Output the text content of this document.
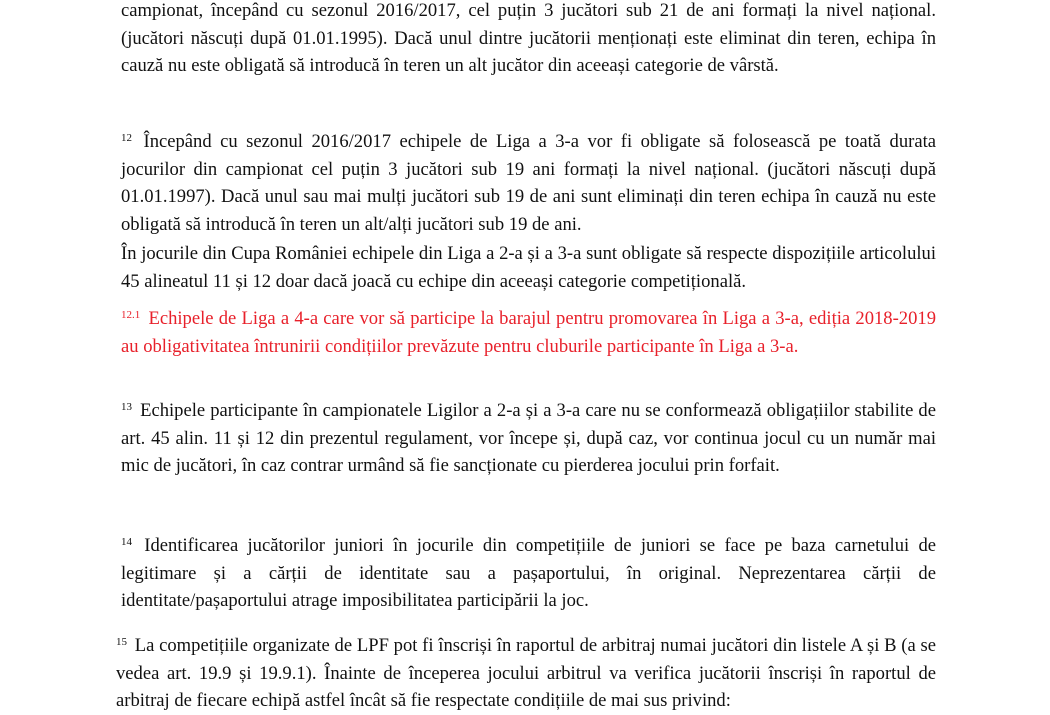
campionat, începând cu sezonul 2016/2017, cel puțin 3 jucători sub 21 de ani formați la nivel național. (jucători născuți după 01.01.1995). Dacă unul dintre jucătorii menționați este eliminat din teren, echipa în cauză nu este obligată să introducă în teren un alt jucător din aceeași categorie de vârstă.

$^{12}$ Începând cu sezonul 2016/2017 echipele de Liga a 3-a vor fi obligate să folosească pe toată durata jocurilor din campionat cel puțin 3 jucători sub 19 ani formați la nivel național. (jucători născuți după 01.01.1997). Dacă unul sau mai mulți jucători sub 19 de ani sunt eliminați din teren echipa în cauză nu este obligată să introducă în teren un alt/alți jucători sub 19 de ani.

În jocurile din Cupa României echipele din Liga a 2-a și a 3-a sunt obligate să respecte dispozițiile articolului 45 alineatul 11 și 12 doar dacă joacă cu echipe din aceeași categorie competițională.

$^{12.1}$ Echipele de Liga a 4-a care vor să participe la barajul pentru promovarea în Liga a 3-a, ediția 2018-2019 au obligativitatea întrunirii condițiilor prevăzute pentru cluburile participante în Liga a 3-a.

$^{13}$ Echipele participante în campionatele Ligilor a 2-a și a 3-a care nu se conformează obligațiilor stabilite de art. 45 alin. 11 și 12 din prezentul regulament, vor începe și, după caz, vor continua jocul cu un număr mai mic de jucători, în caz contrar urmând să fie sancționate cu pierderea jocului prin forfait.

$^{14}$ Identificarea jucătorilor juniori în jocurile din competițiile de juniori se face pe baza carnetului de legitimare și a cărții de identitate sau a pașaportului, în original. Neprezentarea cărții de identitate/pașaportului atrage imposibilitatea participării la joc.

$^{15}$ La competițiile organizate de LPF pot fi înscriși în raportul de arbitraj numai jucători din listele A și B (a se vedea art. 19.9 și 19.9.1). Înainte de începerea jocului arbitrul va verifica jucătorii înscriși în raportul de arbitraj de fiecare echipă astfel încât să fie respectate condițiile de mai sus privind:
